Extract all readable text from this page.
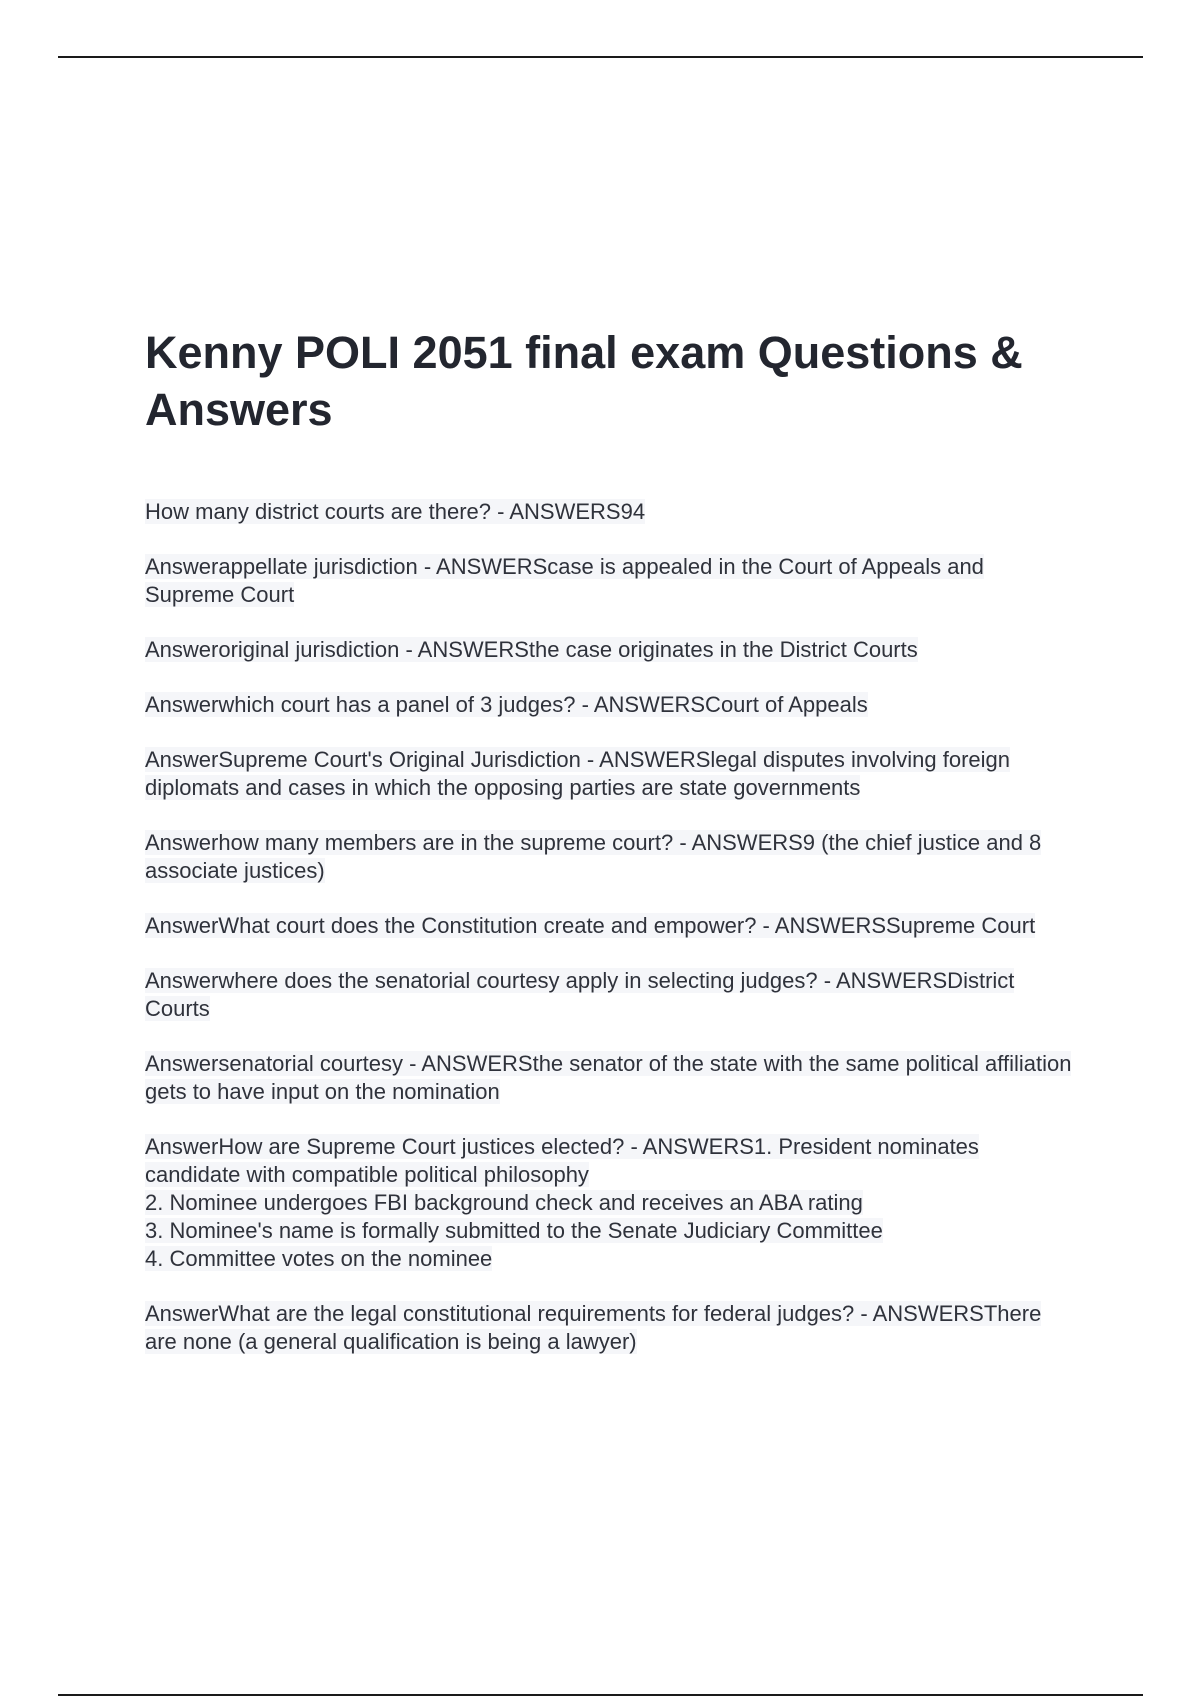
Kenny POLI 2051 final exam Questions & Answers
How many district courts are there? - ANSWERS94
Answerappellate jurisdiction - ANSWERScase is appealed in the Court of Appeals and Supreme Court
Answeroriginal jurisdiction - ANSWERSthe case originates in the District Courts
Answerwhich court has a panel of 3 judges? - ANSWERSCourt of Appeals
AnswerSupreme Court's Original Jurisdiction - ANSWERSlegal disputes involving foreign diplomats and cases in which the opposing parties are state governments
Answerhow many members are in the supreme court? - ANSWERS9 (the chief justice and 8 associate justices)
AnswerWhat court does the Constitution create and empower? - ANSWERSSupreme Court
Answerwhere does the senatorial courtesy apply in selecting judges? - ANSWERSDistrict Courts
Answersenatorial courtesy - ANSWERSthe senator of the state with the same political affiliation gets to have input on the nomination
AnswerHow are Supreme Court justices elected? - ANSWERS1. President nominates candidate with compatible political philosophy
2. Nominee undergoes FBI background check and receives an ABA rating
3. Nominee's name is formally submitted to the Senate Judiciary Committee
4. Committee votes on the nominee
AnswerWhat are the legal constitutional requirements for federal judges? - ANSWERSThere are none (a general qualification is being a lawyer)
